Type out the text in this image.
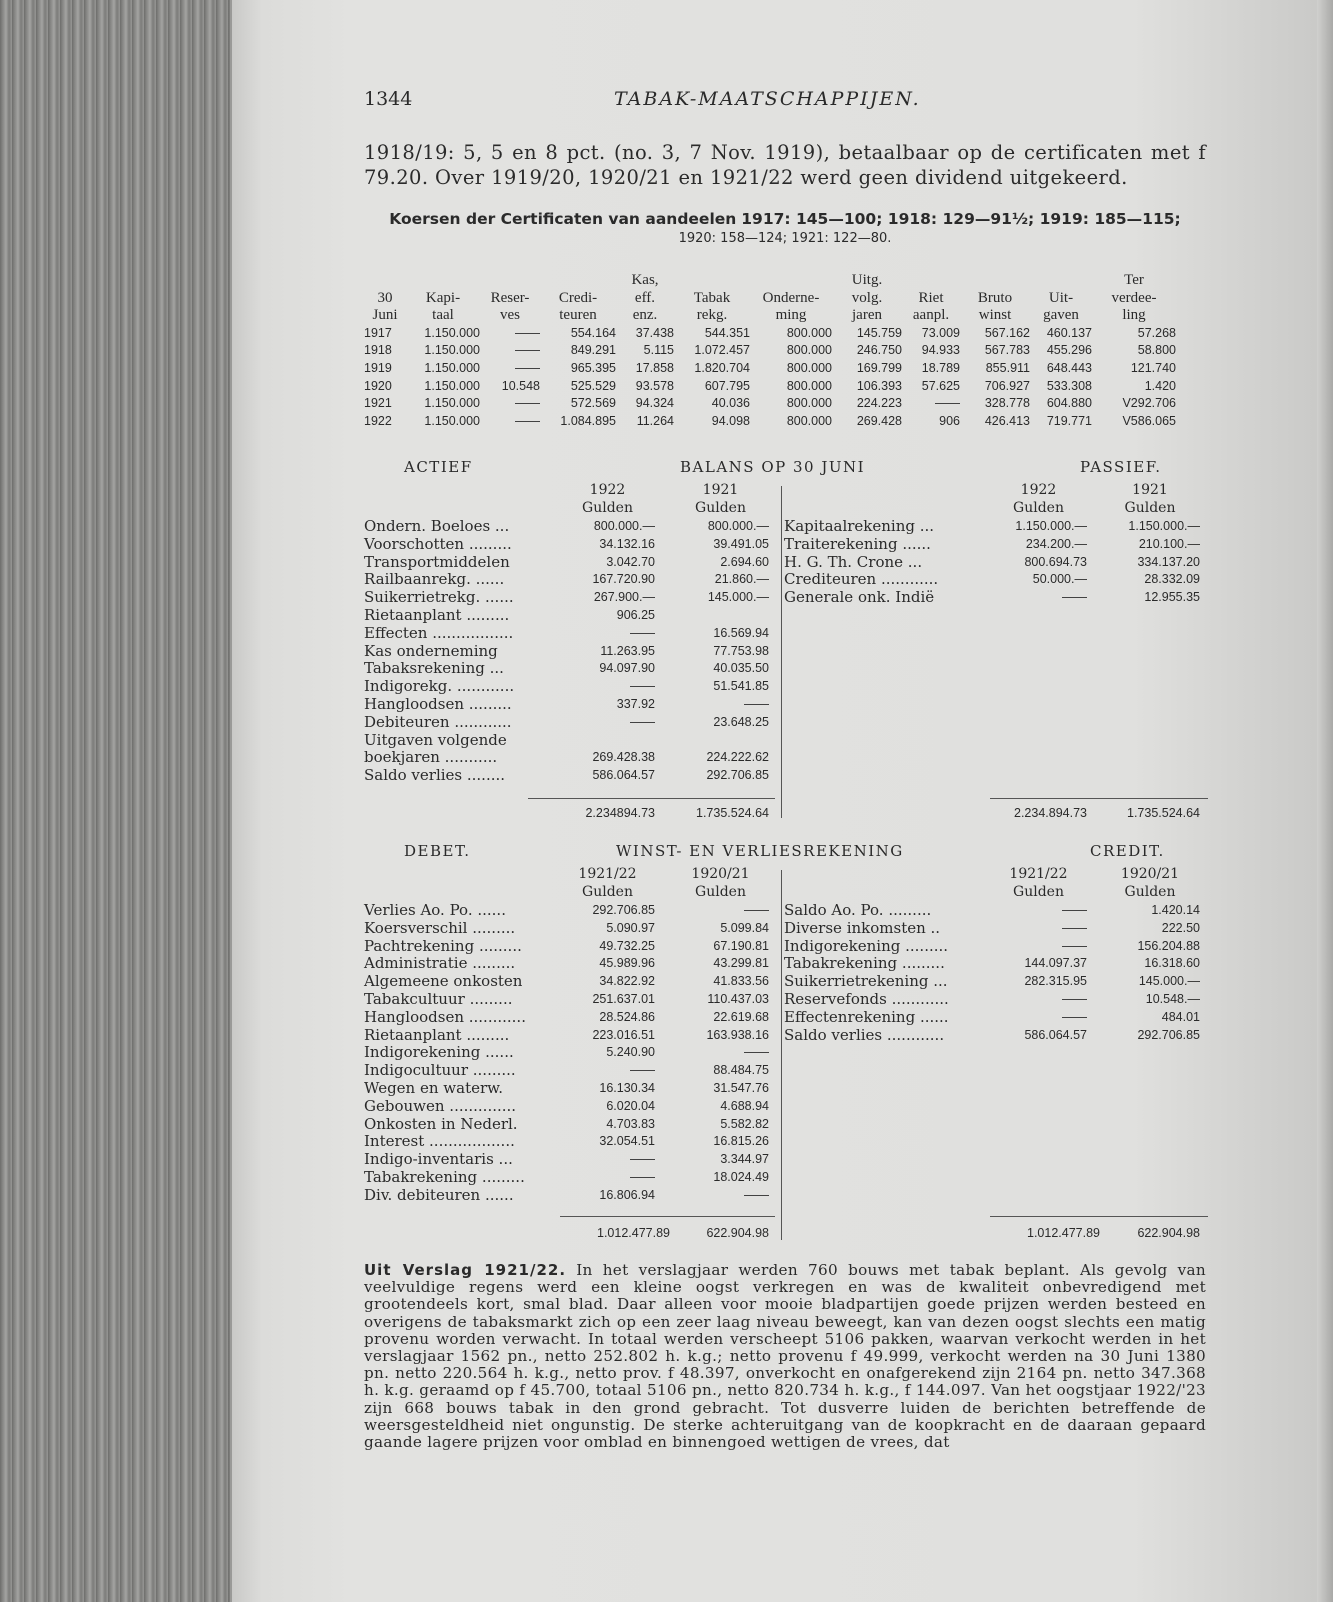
1344	TABAK-MAATSCHAPPIJEN.
1918/19: 5, 5 en 8 pct. (no. 3, 7 Nov. 1919), betaalbaar op de certificaten met f 79.20. Over 1919/20, 1920/21 en 1921/22 werd geen dividend uitgekeerd.
Koersen der Certificaten van aandeelen 1917: 145—100; 1918: 129—91½; 1919: 185—115;
1920: 158—124; 1921: 122—80.
				Kas,			Uitg.				Ter
30	Kapi-	Reser-	Credi-	eff.	Tabak	Onderne-	volg.	Riet	Bruto	Uit-	verdee-
Juni	taal	ves	teuren	enz.	rekg.	ming	jaren	aanpl.	winst	gaven	ling
1917	1.150.000	——	554.164	37.438	544.351	800.000	145.759	73.009	567.162	460.137	57.268
1918	1.150.000	——	849.291	5.115	1.072.457	800.000	246.750	94.933	567.783	455.296	58.800
1919	1.150.000	——	965.395	17.858	1.820.704	800.000	169.799	18.789	855.911	648.443	121.740
1920	1.150.000	10.548	525.529	93.578	607.795	800.000	106.393	57.625	706.927	533.308	1.420
1921	1.150.000	——	572.569	94.324	40.036	800.000	224.223	——	328.778	604.880	V292.706
1922	1.150.000	——	1.084.895	11.264	94.098	800.000	269.428	906	426.413	719.771	V586.065
ACTIEF	BALANS OP 30 JUNI	PASSIEF.
1922	1921
Gulden	Gulden
Ondern. Boeloes ...	800.000.—	800.000.—
Voorschotten .........	34.132.16	39.491.05
Transportmiddelen	3.042.70	2.694.60
Railbaanrekg. ......	167.720.90	21.860.—
Suikerrietrekg. ......	267.900.—	145.000.—
Rietaanplant .........	906.25
Effecten .................	——	16.569.94
Kas onderneming	11.263.95	77.753.98
Tabaksrekening ...	94.097.90	40.035.50
Indigorekg. ............	——	51.541.85
Hangloodsen .........	337.92	——
Debiteuren ............	——	23.648.25
Uitgaven volgende
boekjaren ...........	269.428.38	224.222.62
Saldo verlies ........	586.064.57	292.706.85
1922	1921
Gulden	Gulden
Kapitaalrekening ...	1.150.000.—	1.150.000.—
Traiterekening ......	234.200.—	210.100.—
H. G. Th. Crone ...	800.694.73	334.137.20
Crediteuren ............	50.000.—	28.332.09
Generale onk. Indië	——	12.955.35
2.234894.73	1.735.524.64	2.234.894.73	1.735.524.64
DEBET.	WINST- EN VERLIESREKENING	CREDIT.
1921/22	1920/21
Gulden	Gulden
Verlies Ao. Po. ......	292.706.85	——
Koersverschil .........	5.090.97	5.099.84
Pachtrekening .........	49.732.25	67.190.81
Administratie .........	45.989.96	43.299.81
Algemeene onkosten	34.822.92	41.833.56
Tabakcultuur .........	251.637.01	110.437.03
Hangloodsen ............	28.524.86	22.619.68
Rietaanplant .........	223.016.51	163.938.16
Indigorekening ......	5.240.90	——
Indigocultuur .........	——	88.484.75
Wegen en waterw.	16.130.34	31.547.76
Gebouwen ..............	6.020.04	4.688.94
Onkosten in Nederl.	4.703.83	5.582.82
Interest ..................	32.054.51	16.815.26
Indigo-inventaris ...	——	3.344.97
Tabakrekening .........	——	18.024.49
Div. debiteuren ......	16.806.94	——
1921/22	1920/21
Gulden	Gulden
Saldo Ao. Po. .........	——	1.420.14
Diverse inkomsten ..	——	222.50
Indigorekening .........	——	156.204.88
Tabakrekening .........	144.097.37	16.318.60
Suikerrietrekening ...	282.315.95	145.000.—
Reservefonds ............	——	10.548.—
Effectenrekening ......	——	484.01
Saldo verlies ............	586.064.57	292.706.85
1.012.477.89	622.904.98	1.012.477.89	622.904.98
Uit Verslag 1921/22. In het verslagjaar werden 760 bouws met tabak beplant. Als gevolg van veelvuldige regens werd een kleine oogst verkregen en was de kwaliteit onbevredigend met grootendeels kort, smal blad. Daar alleen voor mooie bladpartijen goede prijzen werden besteed en overigens de tabaksmarkt zich op een zeer laag niveau beweegt, kan van dezen oogst slechts een matig provenu worden verwacht. In totaal werden verscheept 5106 pakken, waarvan verkocht werden in het verslagjaar 1562 pn., netto 252.802 h. k.g.; netto provenu f 49.999, verkocht werden na 30 Juni 1380 pn. netto 220.564 h. k.g., netto prov. f 48.397, onverkocht en onafgerekend zijn 2164 pn. netto 347.368 h. k.g. geraamd op f 45.700, totaal 5106 pn., netto 820.734 h. k.g., f 144.097. Van het oogstjaar 1922/'23 zijn 668 bouws tabak in den grond gebracht. Tot dusverre luiden de berichten betreffende de weersgesteldheid niet ongunstig. De sterke achteruitgang van de koopkracht en de daaraan gepaard gaande lagere prijzen voor omblad en binnengoed wettigen de vrees, dat
